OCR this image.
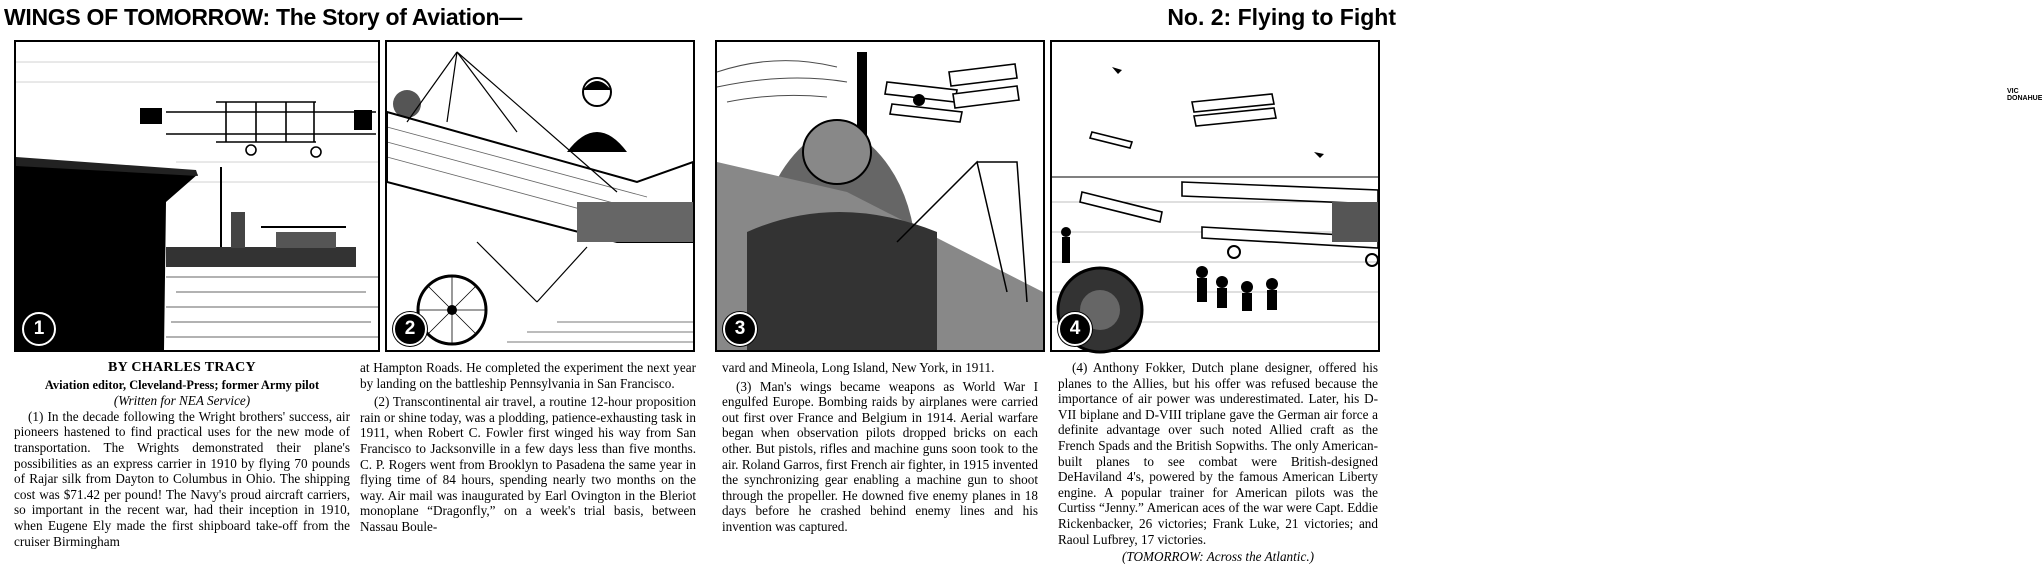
WINGS OF TOMORROW: The Story of Aviation—	No. 2: Flying to Fight
1	2
VIC DONAHUE
3	4

BY CHARLES TRACY

Aviation editor, Cleveland-Press; former Army pilot

(Written for NEA Service)

(1) In the decade following the Wright brothers' success, air pioneers hastened to find practical uses for the new mode of transportation. The Wrights demonstrated their plane's possibilities as an express carrier in 1910 by flying 70 pounds of Rajar silk from Dayton to Columbus in Ohio. The shipping cost was $71.42 per pound! The Navy's proud aircraft carriers, so important in the recent war, had their inception in 1910, when Eugene Ely made the first shipboard take-off from the cruiser Birmingham

at Hampton Roads. He completed the experiment the next year by landing on the battleship Pennsylvania in San Francisco.

(2) Transcontinental air travel, a routine 12-hour proposition rain or shine today, was a plodding, patience-exhausting task in 1911, when Robert C. Fowler first winged his way from San Francisco to Jacksonville in a few days less than five months. C. P. Rogers went from Brooklyn to Pasadena the same year in flying time of 84 hours, spending nearly two months on the way. Air mail was inaugurated by Earl Ovington in the Bleriot monoplane “Dragonfly,” on a week's trial basis, between Nassau Boule-

vard and Mineola, Long Island, New York, in 1911.

(3) Man's wings became weapons as World War I engulfed Europe. Bombing raids by airplanes were carried out first over France and Belgium in 1914. Aerial warfare began when observation pilots dropped bricks on each other. But pistols, rifles and machine guns soon took to the air. Roland Garros, first French air fighter, in 1915 invented the synchronizing gear enabling a machine gun to shoot through the propeller. He downed five enemy planes in 18 days before he crashed behind enemy lines and his invention was captured.

(4) Anthony Fokker, Dutch plane designer, offered his planes to the Allies, but his offer was refused because the importance of air power was underestimated. Later, his D-VII biplane and D-VIII triplane gave the German air force a definite advantage over such noted Allied craft as the French Spads and the British Sopwiths. The only American-built planes to see combat were British-designed DeHaviland 4's, powered by the famous American Liberty engine. A popular trainer for American pilots was the Curtiss “Jenny.” American aces of the war were Capt. Eddie Rickenbacker, 26 victories; Frank Luke, 21 victories; and Raoul Lufbrey, 17 victories.

(TOMORROW: Across the Atlantic.)
